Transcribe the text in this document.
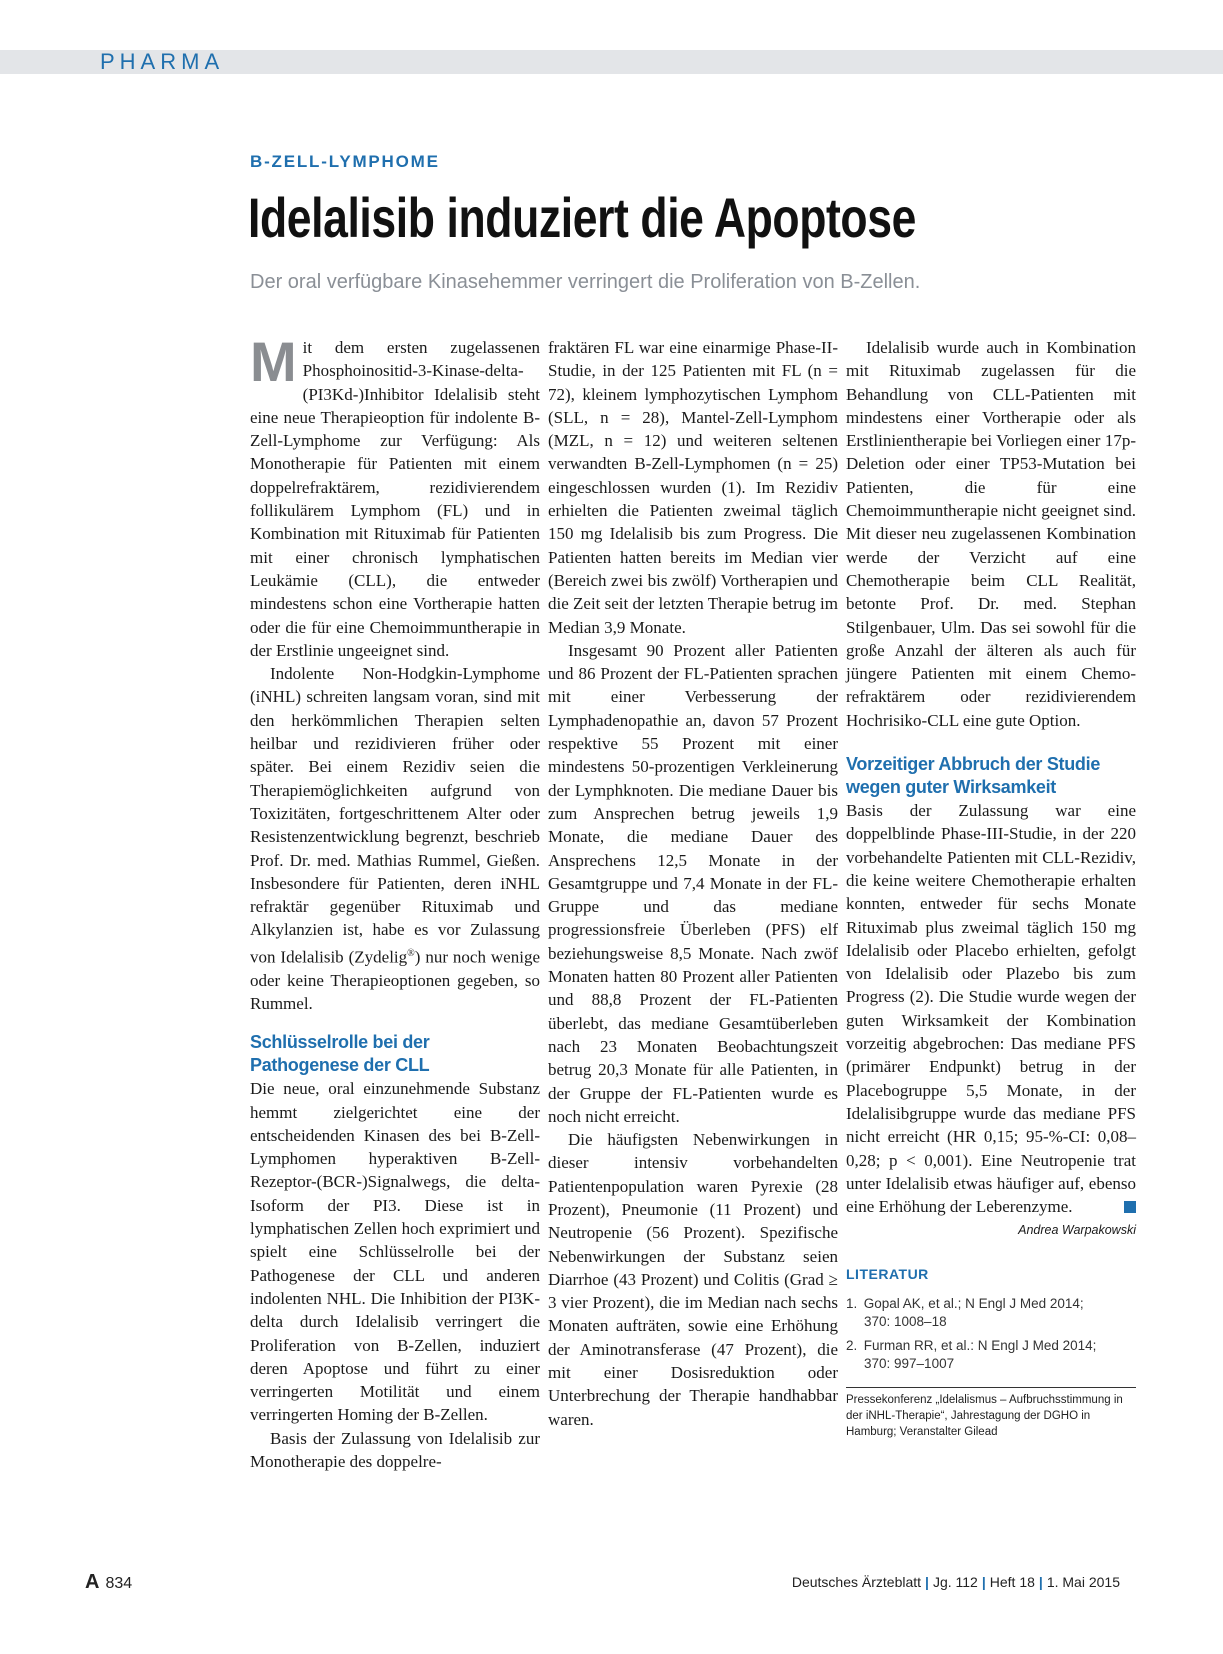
PHARMA

B-ZELL-LYMPHOME

Idelalisib induziert die Apoptose

Der oral verfügbare Kinasehemmer verringert die Proliferation von B-Zellen.

Mit dem ersten zugelassenen Phosphoinositid-3-Kinase-delta-(PI3Kd-)Inhibitor Idelalisib steht eine neue Therapieoption für indolente B-Zell-Lymphome zur Verfügung: Als Monotherapie für Patienten mit einem doppelrefraktärem, rezidivierendem follikulärem Lymphom (FL) und in Kombination mit Rituximab für Patienten mit einer chronisch lymphatischen Leukämie (CLL), die entweder mindestens schon eine Vortherapie hatten oder die für eine Chemoimmuntherapie in der Erstlinie ungeeignet sind.

Indolente Non-Hodgkin-Lymphome (iNHL) schreiten langsam voran, sind mit den herkömmlichen Therapien selten heilbar und rezidivieren früher oder später. Bei einem Rezidiv seien die Therapiemöglichkeiten aufgrund von Toxizitäten, fortgeschrittenem Alter oder Resistenzentwicklung begrenzt, beschrieb Prof. Dr. med. Mathias Rummel, Gießen. Insbesondere für Patienten, deren iNHL refraktär gegenüber Rituximab und Alkylanzien ist, habe es vor Zulassung von Idelalisib (Zydelig®) nur noch wenige oder keine Therapieoptionen gegeben, so Rummel.

Schlüsselrolle bei der
Pathogenese der CLL

Die neue, oral einzunehmende Substanz hemmt zielgerichtet eine der entscheidenden Kinasen des bei B-Zell-Lymphomen hyperaktiven B-Zell-Rezeptor-(BCR-)Signalwegs, die delta-Isoform der PI3. Diese ist in lymphatischen Zellen hoch exprimiert und spielt eine Schlüsselrolle bei der Pathogenese der CLL und anderen indolenten NHL. Die Inhibition der PI3K-delta durch Idelalisib verringert die Proliferation von B-Zellen, induziert deren Apoptose und führt zu einer verringerten Motilität und einem verringerten Homing der B-Zellen.

Basis der Zulassung von Idelalisib zur Monotherapie des doppelre-

fraktären FL war eine einarmige Phase-II-Studie, in der 125 Patienten mit FL (n = 72), kleinem lymphozytischen Lymphom (SLL, n = 28), Mantel-Zell-Lymphom (MZL, n = 12) und weiteren seltenen verwandten B-Zell-Lymphomen (n = 25) eingeschlossen wurden (1). Im Rezidiv erhielten die Patienten zweimal täglich 150 mg Idelalisib bis zum Progress. Die Patienten hatten bereits im Median vier (Bereich zwei bis zwölf) Vortherapien und die Zeit seit der letzten Therapie betrug im Median 3,9 Monate.

Insgesamt 90 Prozent aller Patienten und 86 Prozent der FL-Patienten sprachen mit einer Verbesserung der Lymphadenopathie an, davon 57 Prozent respektive 55 Prozent mit einer mindestens 50-prozentigen Verkleinerung der Lymphknoten. Die mediane Dauer bis zum Ansprechen betrug jeweils 1,9 Monate, die mediane Dauer des Ansprechens 12,5 Monate in der Gesamtgruppe und 7,4 Monate in der FL-Gruppe und das mediane progressionsfreie Überleben (PFS) elf beziehungsweise 8,5 Monate. Nach zwöf Monaten hatten 80 Prozent aller Patienten und 88,8 Prozent der FL-Patienten überlebt, das mediane Gesamtüberleben nach 23 Monaten Beobachtungszeit betrug 20,3 Monate für alle Patienten, in der Gruppe der FL-Patienten wurde es noch nicht erreicht.

Die häufigsten Nebenwirkungen in dieser intensiv vorbehandelten Patientenpopulation waren Pyrexie (28 Prozent), Pneumonie (11 Prozent) und Neutropenie (56 Prozent). Spezifische Nebenwirkungen der Substanz seien Diarrhoe (43 Prozent) und Colitis (Grad ≥ 3 vier Prozent), die im Median nach sechs Monaten aufträten, sowie eine Erhöhung der Aminotransferase (47 Prozent), die mit einer Dosisreduktion oder Unterbrechung der Therapie handhabbar waren.

Idelalisib wurde auch in Kombination mit Rituximab zugelassen für die Behandlung von CLL-Patienten mit mindestens einer Vortherapie oder als Erstlinientherapie bei Vorliegen einer 17p-Deletion oder einer TP53-Mutation bei Patienten, die für eine Chemoimmuntherapie nicht geeignet sind. Mit dieser neu zugelassenen Kombination werde der Verzicht auf eine Chemotherapie beim CLL Realität, betonte Prof. Dr. med. Stephan Stilgenbauer, Ulm. Das sei sowohl für die große Anzahl der älteren als auch für jüngere Patienten mit einem Chemo-refraktärem oder rezidivierendem Hochrisiko-CLL eine gute Option.

Vorzeitiger Abbruch der Studie
wegen guter Wirksamkeit

Basis der Zulassung war eine doppelblinde Phase-III-Studie, in der 220 vorbehandelte Patienten mit CLL-Rezidiv, die keine weitere Chemotherapie erhalten konnten, entweder für sechs Monate Rituximab plus zweimal täglich 150 mg Idelalisib oder Placebo erhielten, gefolgt von Idelalisib oder Plazebo bis zum Progress (2). Die Studie wurde wegen der guten Wirksamkeit der Kombination vorzeitig abgebrochen: Das mediane PFS (primärer Endpunkt) betrug in der Placebogruppe 5,5 Monate, in der Idelalisibgruppe wurde das mediane PFS nicht erreicht (HR 0,15; 95-%-CI: 0,08–0,28; p < 0,001). Eine Neutropenie trat unter Idelalisib etwas häufiger auf, ebenso eine Erhöhung der Leberenzyme.

Andrea Warpakowski
LITERATUR
1. Gopal AK, et al.; N Engl J Med 2014;
370: 1008–18
2. Furman RR, et al.: N Engl J Med 2014;
370: 997–1007
Pressekonferenz „Idelalismus – Aufbruchsstimmung in der iNHL-Therapie“, Jahrestagung der DGHO in Hamburg; Veranstalter Gilead
A 834	Deutsches Ärzteblatt | Jg. 112 | Heft 18 | 1. Mai 2015
